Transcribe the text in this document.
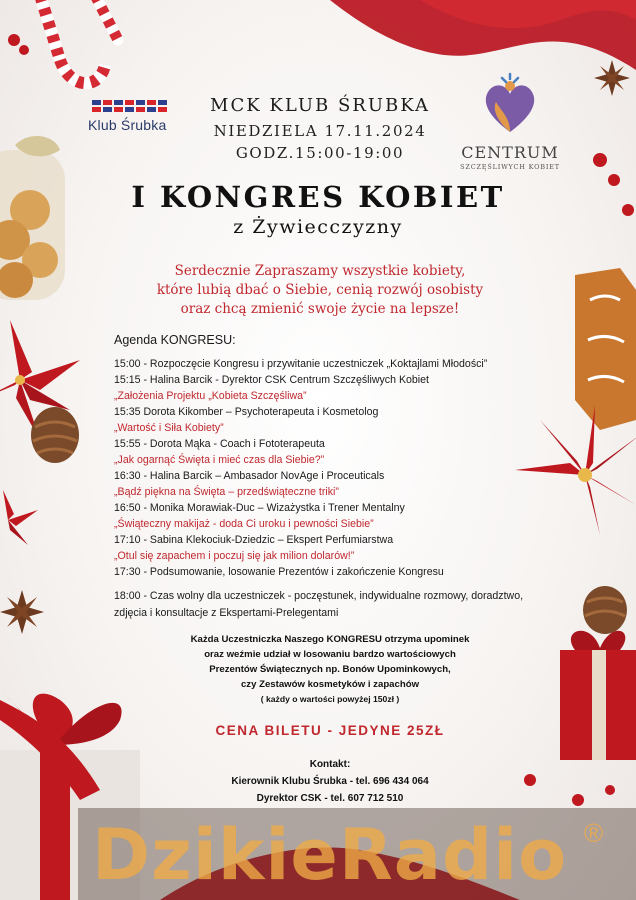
Klub Śrubka
MCK KLUB ŚRUBKA
NIEDZIELA 17.11.2024
GODZ.15:00-19:00	CENTRUM
SZCZĘŚLIWYCH KOBIET
I KONGRES KOBIET
z Żywiecczyzny
Serdecznie Zapraszamy wszystkie kobiety,
które lubią dbać o Siebie, cenią rozwój osobisty
oraz chcą zmienić swoje życie na lepsze!
Agenda KONGRESU:
15:00 - Rozpoczęcie Kongresu i przywitanie uczestniczek „Koktajlami Młodości”
15:15 - Halina Barcik - Dyrektor CSK Centrum Szczęśliwych Kobiet
„Założenia Projektu „Kobieta Szczęśliwa”
15:35 Dorota Kikomber – Psychoterapeuta i Kosmetolog
„Wartość i Siła Kobiety”
15:55 - Dorota Mąka - Coach i Fototerapeuta
„Jak ogarnąć Święta i mieć czas dla Siebie?”
16:30 - Halina Barcik – Ambasador NovAge i Proceuticals
„Bądź piękna na Święta – przedświąteczne triki”
16:50 - Monika Morawiak-Duc – Wizażystka i Trener Mentalny
„Świąteczny makijaż - doda Ci uroku i pewności Siebie”
17:10 - Sabina Klekociuk-Dziedzic – Ekspert Perfumiarstwa
„Otul się zapachem i poczuj się jak milion dolarów!”
17:30 - Podsumowanie, losowanie Prezentów i zakończenie Kongresu
18:00 - Czas wolny dla uczestniczek - poczęstunek, indywidualne rozmowy, doradztwo, zdjęcia i konsultacje z Ekspertami-Prelegentami
Każda Uczestniczka Naszego KONGRESU otrzyma upominek
oraz weźmie udział w losowaniu bardzo wartościowych
Prezentów Świątecznych np. Bonów Upominkowych,
czy Zestawów kosmetyków i zapachów
( każdy o wartości powyżej 150zł )
CENA BILETU - JEDYNE 25ZŁ
Kontakt:
Kierownik Klubu Śrubka - tel. 696 434 064
Dyrektor CSK - tel. 607 712 510
DzikieRadio ®
